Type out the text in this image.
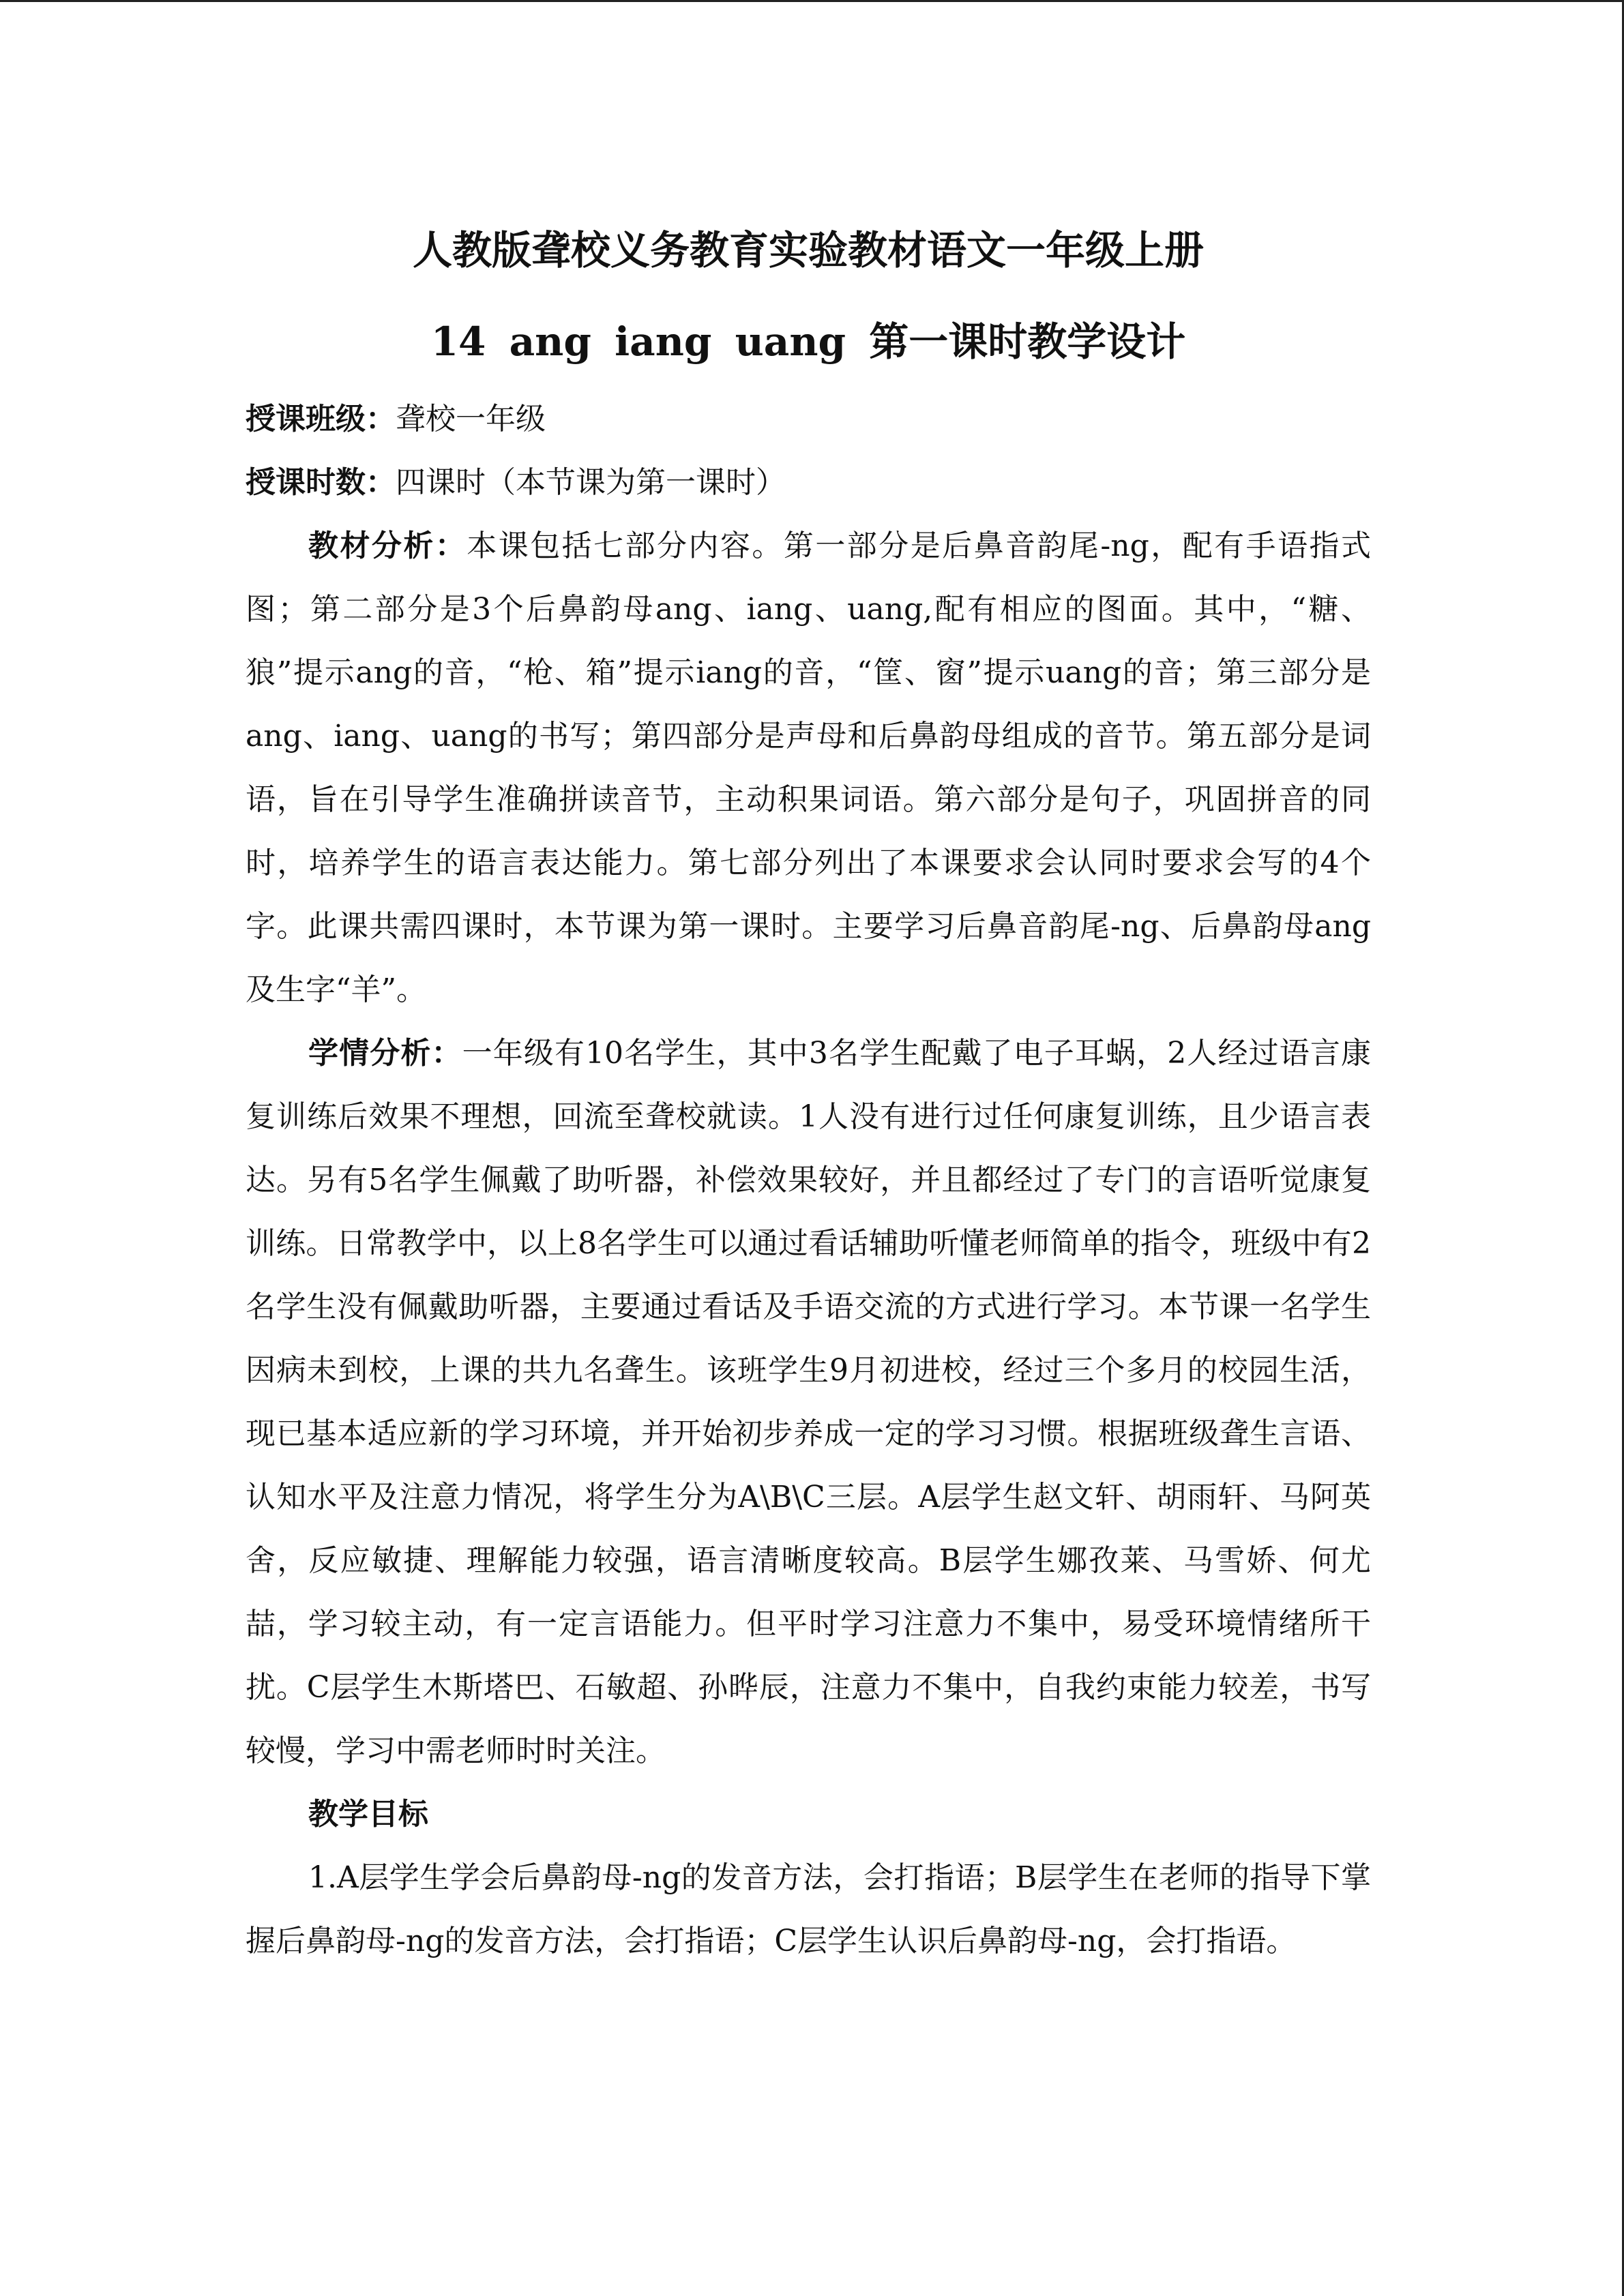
人教版聋校义务教育实验教材语文一年级上册

14 ang iang uang 第一课时教学设计

授课班级：聋校一年级

授课时数：四课时（本节课为第一课时）

教材分析：本课包括七部分内容。第一部分是后鼻音韵尾-ng，配有手语指式图；第二部分是3个后鼻韵母ang、iang、uang,配有相应的图面。其中，“糖、狼”提示ang的音，“枪、箱”提示iang的音，“筐、窗”提示uang的音；第三部分是ang、iang、uang的书写；第四部分是声母和后鼻韵母组成的音节。第五部分是词语，旨在引导学生准确拼读音节，主动积果词语。第六部分是句子，巩固拼音的同时，培养学生的语言表达能力。第七部分列出了本课要求会认同时要求会写的4个字。此课共需四课时，本节课为第一课时。主要学习后鼻音韵尾-ng、后鼻韵母ang及生字“羊”。

学情分析：一年级有10名学生，其中3名学生配戴了电子耳蜗，2人经过语言康复训练后效果不理想，回流至聋校就读。1人没有进行过任何康复训练，且少语言表达。另有5名学生佩戴了助听器，补偿效果较好，并且都经过了专门的言语听觉康复训练。日常教学中，以上8名学生可以通过看话辅助听懂老师简单的指令，班级中有2名学生没有佩戴助听器，主要通过看话及手语交流的方式进行学习。本节课一名学生因病未到校，上课的共九名聋生。该班学生9月初进校，经过三个多月的校园生活，现已基本适应新的学习环境，并开始初步养成一定的学习习惯。根据班级聋生言语、认知水平及注意力情况，将学生分为A\B\C三层。A层学生赵文轩、胡雨轩、马阿英舍，反应敏捷、理解能力较强，语言清晰度较高。B层学生娜孜莱、马雪娇、何尤喆，学习较主动，有一定言语能力。但平时学习注意力不集中，易受环境情绪所干扰。C层学生木斯塔巴、石敏超、孙晔辰，注意力不集中，自我约束能力较差，书写较慢，学习中需老师时时关注。

教学目标

1.A层学生学会后鼻韵母-ng的发音方法，会打指语；B层学生在老师的指导下掌握后鼻韵母-ng的发音方法，会打指语；C层学生认识后鼻韵母-ng，会打指语。
